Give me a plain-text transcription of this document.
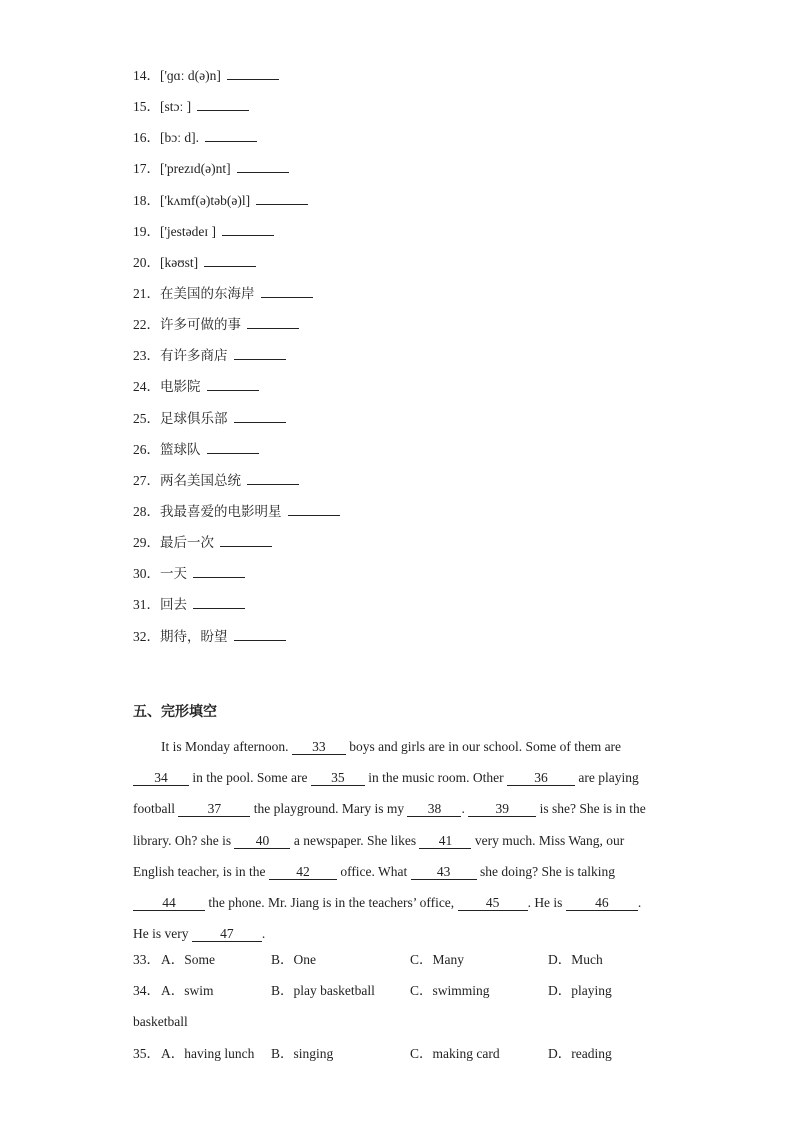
14．['ɡɑː d(ə)n]
15．[stɔː ]
16．[bɔː d].
17．['prezɪd(ə)nt]
18．['kʌmf(ə)təb(ə)l]
19．['jestədeɪ ]
20．[kəʊst]
21．在美国的东海岸
22．许多可做的事
23．有许多商店
24．电影院
25．足球俱乐部
26．篮球队
27．两名美国总统
28．我最喜爱的电影明星
29．最后一次
30．一天
31．回去
32．期待，盼望
五、完形填空
It is Monday afternoon. 33 boys and girls are in our school. Some of them are
34 in the pool. Some are 35 in the music room. Other 36 are playing football 37 the playground. Mary is my 38 . 39 is she? She is in the library. Oh? she is 40 a newspaper. She likes 41 very much. Miss Wang, our English teacher, is in the 42 office. What 43 she doing? She is talking
44 the phone. Mr. Jiang is in the teachers’ office, 45 . He is 46 .
He is very 47 .
33． A．Some	B．One	C．Many	D．Much
34． A．swim	B．play basketball	C．swimming	D．playing
basketball
35． A．having lunch B．singing	C．making card	D．reading
